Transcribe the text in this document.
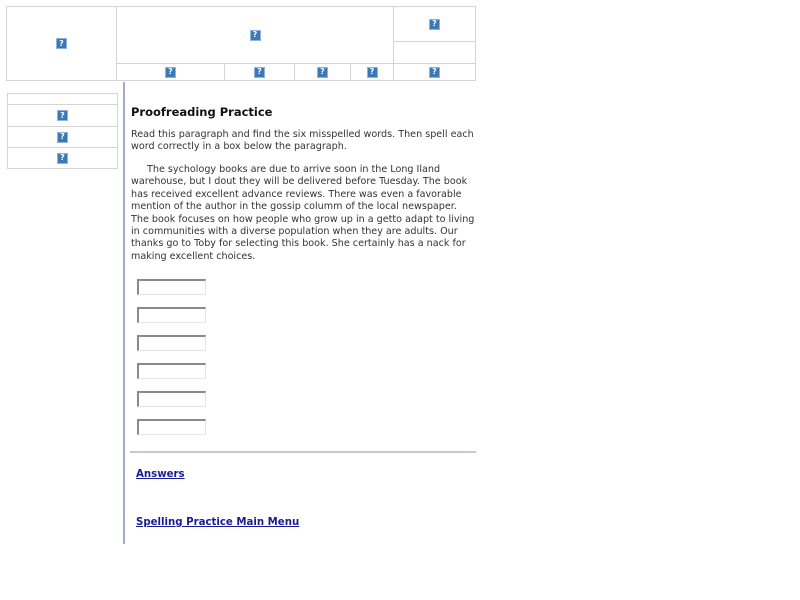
?
?
?
?	?	?	?	?
?
?
?
Proofreading Practice

Read this paragraph and find the six misspelled words. Then spell each word correctly in a box below the paragraph.

The sychology books are due to arrive soon in the Long Iland warehouse, but I dout they will be delivered before Tuesday. The book has received excellent advance reviews. There was even a favorable mention of the author in the gossip columm of the local newspaper. The book focuses on how people who grow up in a getto adapt to living in communities with a diverse population when they are adults. Our thanks go to Toby for selecting this book. She certainly has a nack for making excellent choices.

Answers
Spelling Practice Main Menu
